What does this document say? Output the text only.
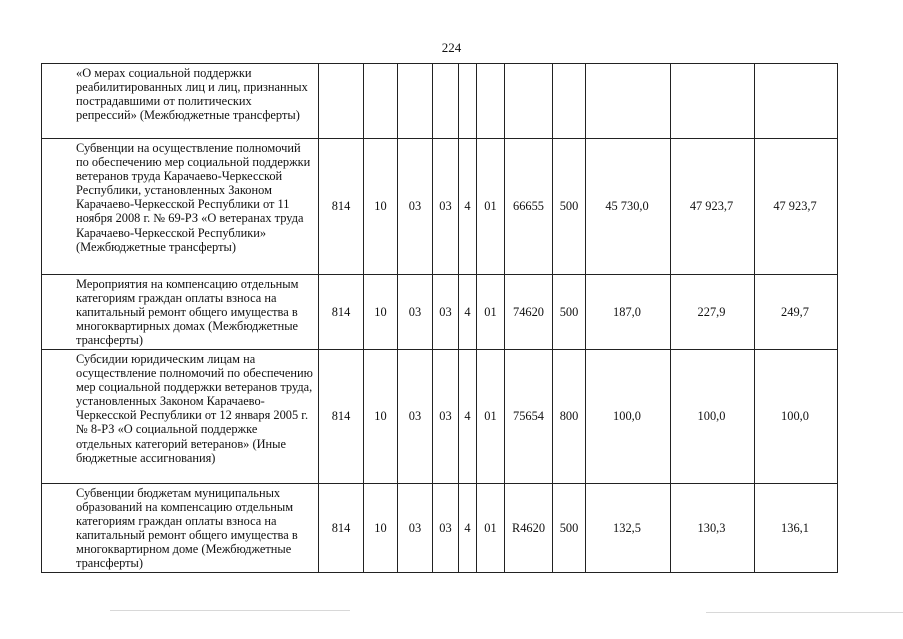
224
«О мерах социальной поддержки реабилитированных лиц и лиц, признанных пострадавшими от политических репрессий» (Межбюджетные трансферты)											
Субвенции на осуществление полномочий по обеспечению мер социальной поддержки ветеранов труда Карачаево-Черкесской Республики, установленных Законом Карачаево-Черкесской Республики от 11 ноября 2008 г. № 69-РЗ «О ветеранах труда Карачаево-Черкесской Республики» (Межбюджетные трансферты)	814	10	03	03	4	01	66655	500	45 730,0	47 923,7	47 923,7
Мероприятия на компенсацию отдельным категориям граждан оплаты взноса на капитальный ремонт общего имущества в многоквартирных домах (Межбюджетные трансферты)	814	10	03	03	4	01	74620	500	187,0	227,9	249,7
Субсидии юридическим лицам на осуществление полномочий по обеспечению мер социальной поддержки ветеранов труда, установленных Законом Карачаево-Черкесской Республики от 12 января 2005 г. № 8-РЗ «О социальной поддержке отдельных категорий ветеранов» (Иные бюджетные ассигнования)	814	10	03	03	4	01	75654	800	100,0	100,0	100,0
Субвенции бюджетам муниципальных образований на компенсацию отдельным категориям граждан оплаты взноса на капитальный ремонт общего имущества в многоквартирном доме (Межбюджетные трансферты)	814	10	03	03	4	01	R4620	500	132,5	130,3	136,1
